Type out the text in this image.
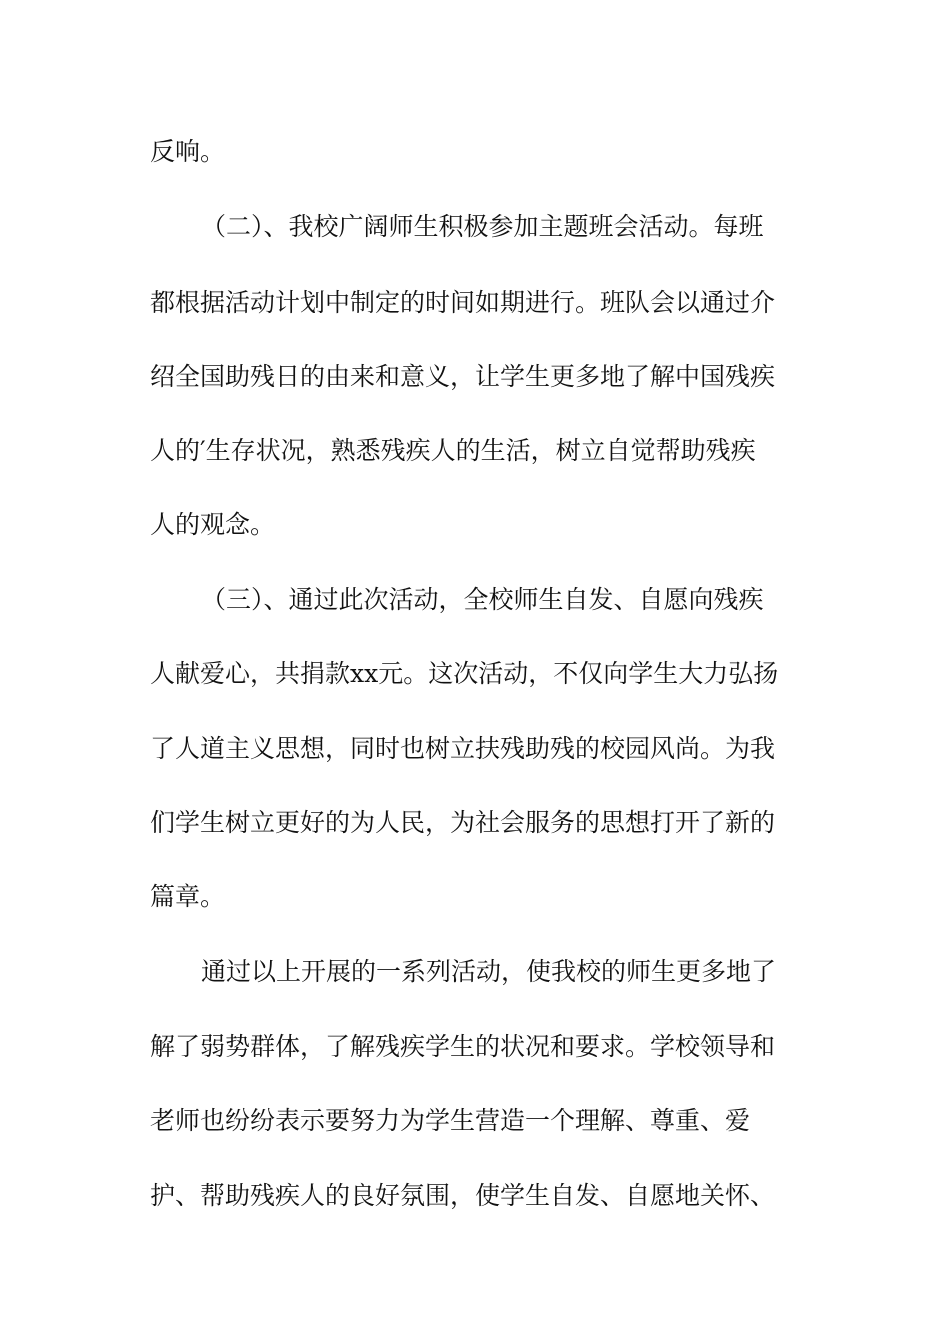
反响。
（二）、我校广阔师生积极参加主题班会活动。每班
都根据活动计划中制定的时间如期进行。班队会以通过介
绍全国助残日的由来和意义，让学生更多地了解中国残疾
人的′生存状况，熟悉残疾人的生活，树立自觉帮助残疾
人的观念。
（三）、通过此次活动，全校师生自发、自愿向残疾
人献爱心，共捐款xx元。这次活动，不仅向学生大力弘扬
了人道主义思想，同时也树立扶残助残的校园风尚。为我
们学生树立更好的为人民，为社会服务的思想打开了新的
篇章。
通过以上开展的一系列活动，使我校的师生更多地了
解了弱势群体，了解残疾学生的状况和要求。学校领导和
老师也纷纷表示要努力为学生营造一个理解、尊重、爱
护、帮助残疾人的良好氛围，使学生自发、自愿地关怀、
